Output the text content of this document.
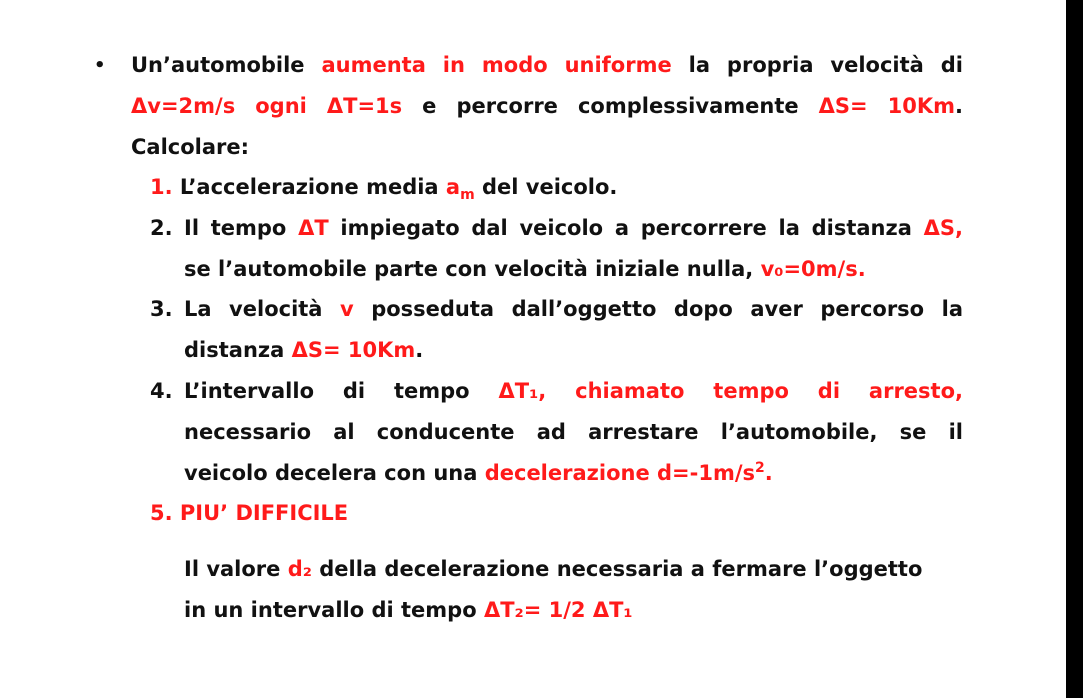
• Un’automobile aumenta in modo uniforme la propria velocità di
Δv=2m/s ogni ΔT=1s e percorre complessivamente ΔS= 10Km.
Calcolare:
1. L’accelerazione media $a_m$ del veicolo.
2. Il tempo ΔT impiegato dal veicolo a percorrere la distanza ΔS,
se l’automobile parte con velocità iniziale nulla, v₀=0m/s.
3. La velocità v posseduta dall’oggetto dopo aver percorso la
distanza ΔS= 10Km.
4. L’intervallo di tempo ΔT₁, chiamato tempo di arresto,
necessario al conducente ad arrestare l’automobile, se il
veicolo decelera con una decelerazione $d=-1m/s^2$.
5. PIU’ DIFFICILE
Il valore d₂ della decelerazione necessaria a fermare l’oggetto
in un intervallo di tempo ΔT₂= 1/2 ΔT₁
